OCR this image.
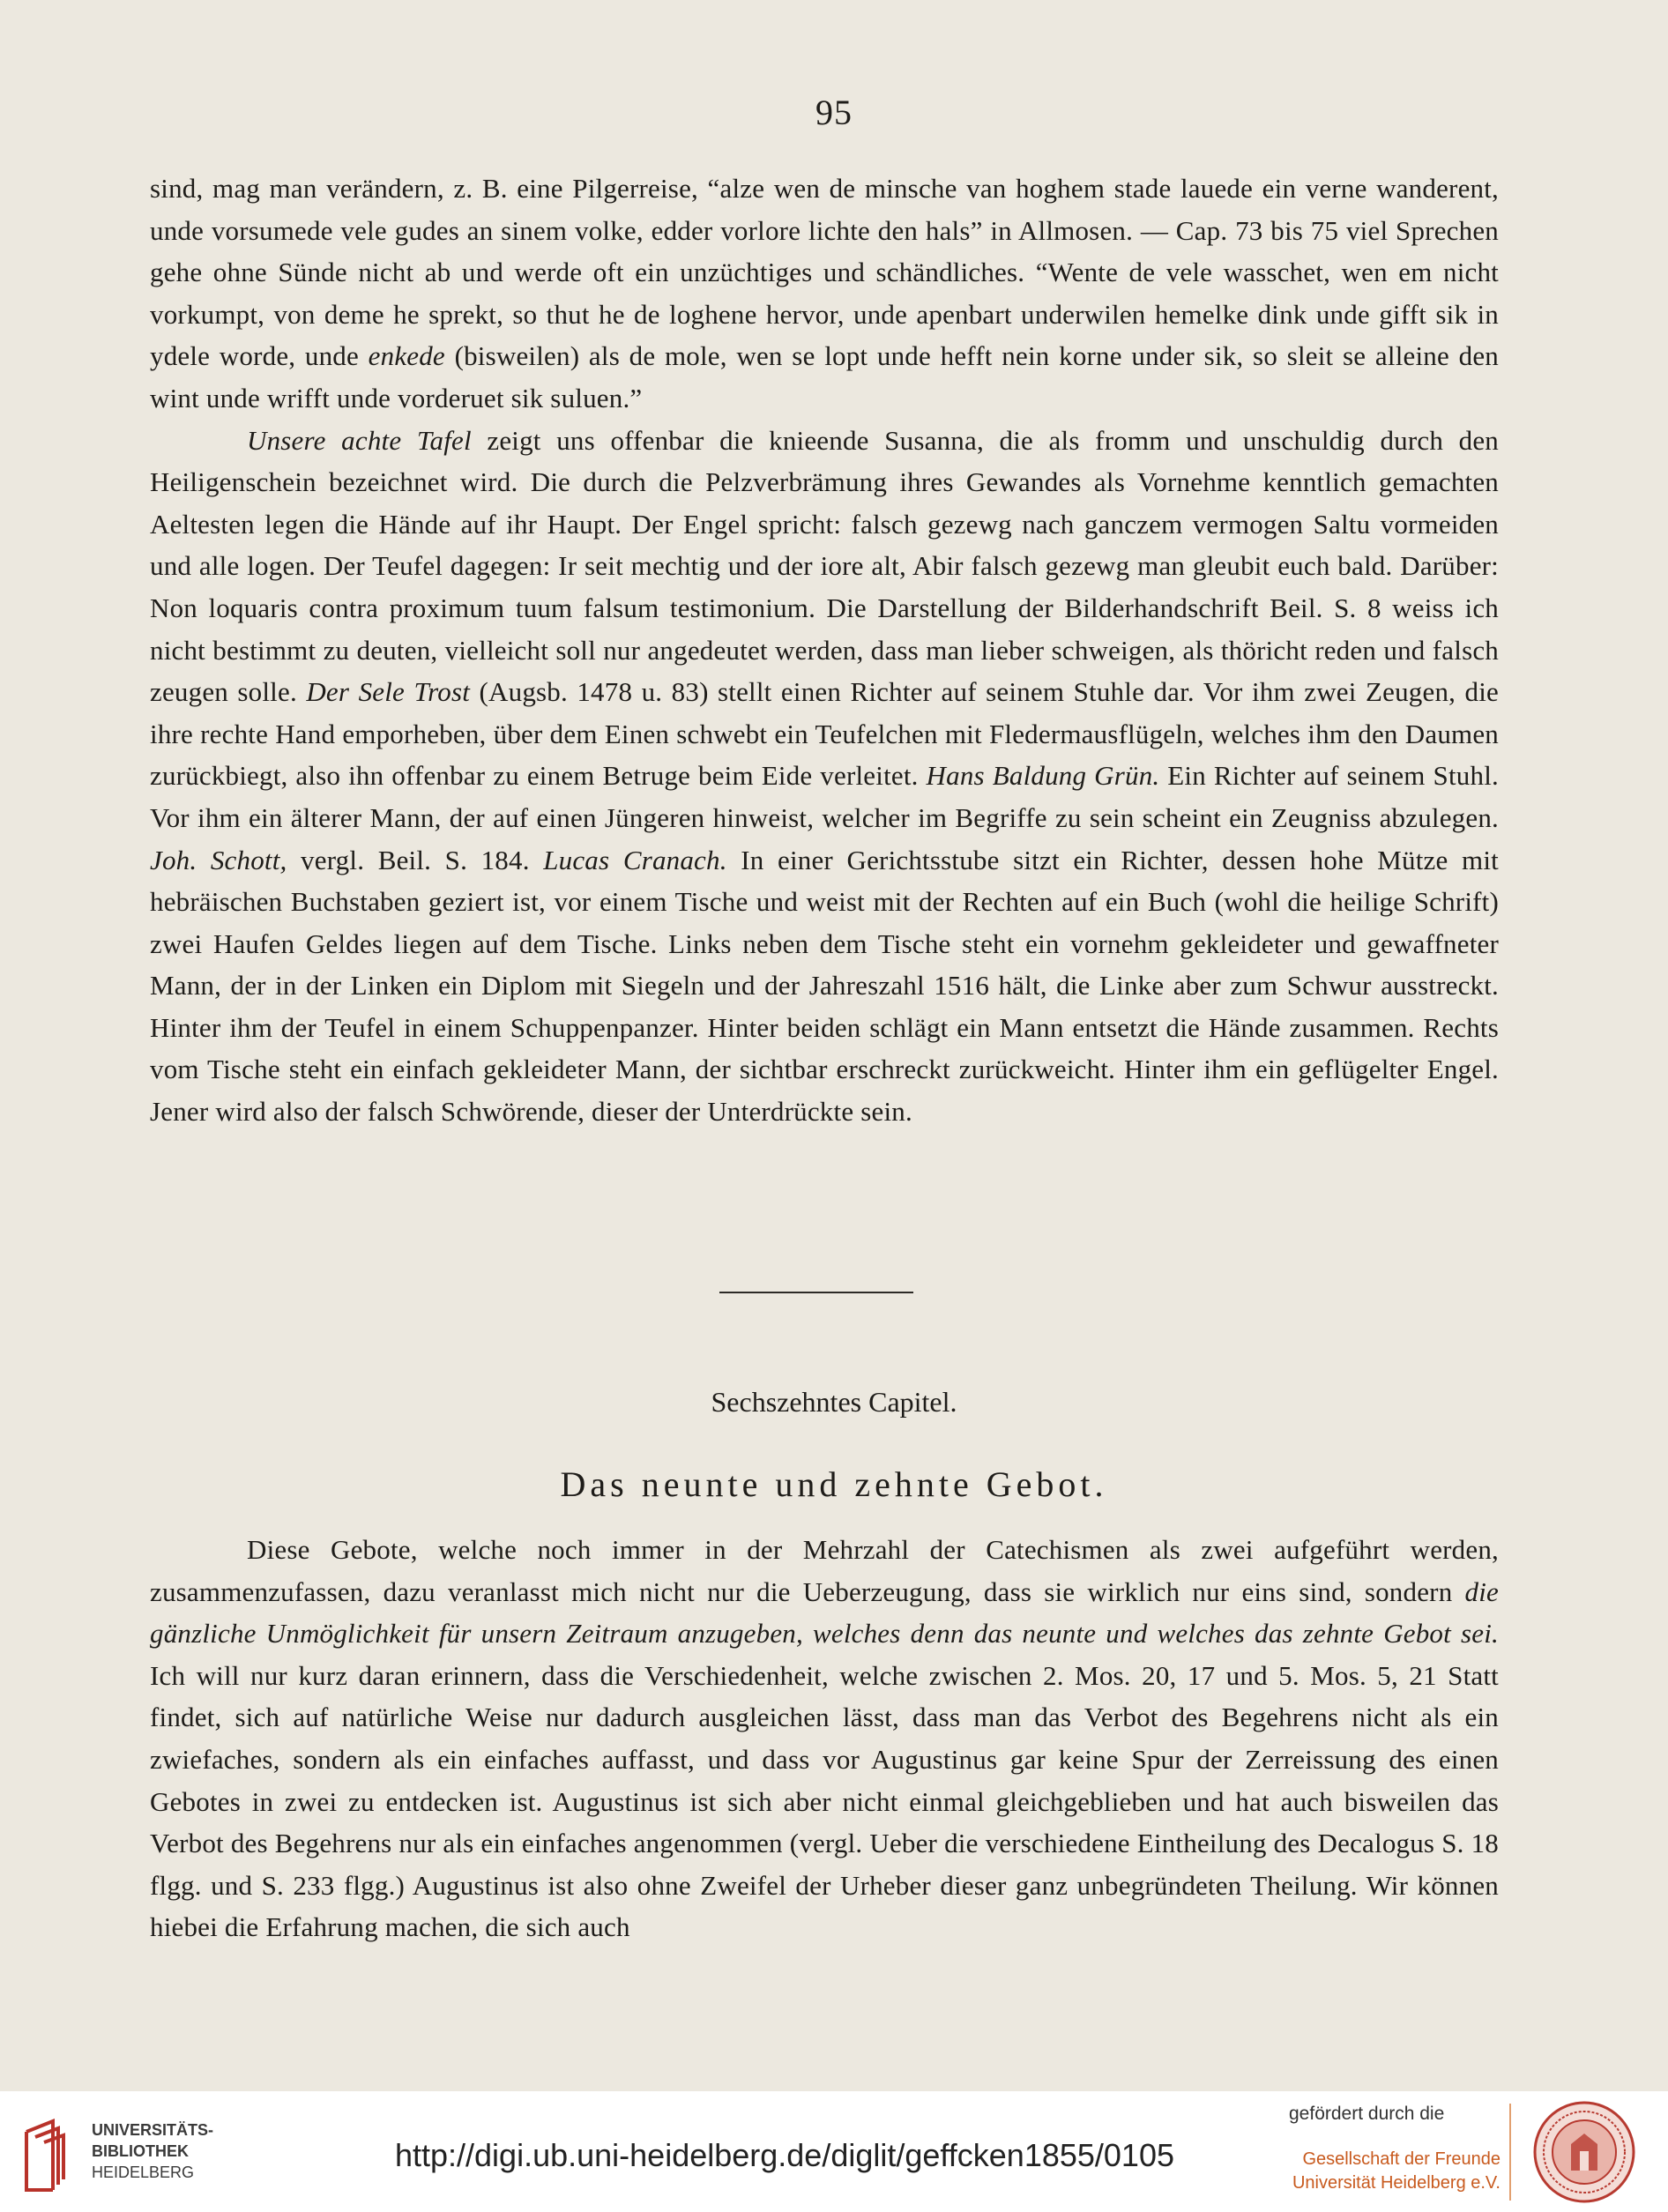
95

sind, mag man verändern, z. B. eine Pilgerreise, “alze wen de minsche van hoghem stade lauede ein verne wanderent, unde vorsumede vele gudes an sinem volke, edder vorlore lichte den hals” in Allmosen. — Cap. 73 bis 75 viel Sprechen gehe ohne Sünde nicht ab und werde oft ein unzüchtiges und schändliches. “Wente de vele wasschet, wen em nicht vorkumpt, von deme he sprekt, so thut he de loghene hervor, unde apenbart underwilen hemelke dink unde gifft sik in ydele worde, unde enkede (bisweilen) als de mole, wen se lopt unde hefft nein korne under sik, so sleit se alleine den wint unde wrifft unde vorderuet sik suluen.”

Unsere achte Tafel zeigt uns offenbar die knieende Susanna, die als fromm und unschuldig durch den Heiligenschein bezeichnet wird. Die durch die Pelzverbrämung ihres Gewandes als Vornehme kenntlich gemachten Aeltesten legen die Hände auf ihr Haupt. Der Engel spricht: falsch gezewg nach ganczem vermogen Saltu vormeiden und alle logen. Der Teufel dagegen: Ir seit mechtig und der iore alt, Abir falsch gezewg man gleubit euch bald. Darüber: Non loquaris contra proximum tuum falsum testimonium. Die Darstellung der Bilderhandschrift Beil. S. 8 weiss ich nicht bestimmt zu deuten, vielleicht soll nur angedeutet werden, dass man lieber schweigen, als thöricht reden und falsch zeugen solle. Der Sele Trost (Augsb. 1478 u. 83) stellt einen Richter auf seinem Stuhle dar. Vor ihm zwei Zeugen, die ihre rechte Hand emporheben, über dem Einen schwebt ein Teufelchen mit Fledermausflügeln, welches ihm den Daumen zurückbiegt, also ihn offenbar zu einem Betruge beim Eide verleitet. Hans Baldung Grün. Ein Richter auf seinem Stuhl. Vor ihm ein älterer Mann, der auf einen Jüngeren hinweist, welcher im Begriffe zu sein scheint ein Zeugniss abzulegen. Joh. Schott, vergl. Beil. S. 184. Lucas Cranach. In einer Gerichtsstube sitzt ein Richter, dessen hohe Mütze mit hebräischen Buchstaben geziert ist, vor einem Tische und weist mit der Rechten auf ein Buch (wohl die heilige Schrift) zwei Haufen Geldes liegen auf dem Tische. Links neben dem Tische steht ein vornehm gekleideter und gewaffneter Mann, der in der Linken ein Diplom mit Siegeln und der Jahreszahl 1516 hält, die Linke aber zum Schwur ausstreckt. Hinter ihm der Teufel in einem Schuppenpanzer. Hinter beiden schlägt ein Mann entsetzt die Hände zusammen. Rechts vom Tische steht ein einfach gekleideter Mann, der sichtbar erschreckt zurückweicht. Hinter ihm ein geflügelter Engel. Jener wird also der falsch Schwörende, dieser der Unterdrückte sein.

Sechszehntes Capitel.
Das neunte und zehnte Gebot.

Diese Gebote, welche noch immer in der Mehrzahl der Catechismen als zwei aufgeführt werden, zusammenzufassen, dazu veranlasst mich nicht nur die Ueberzeugung, dass sie wirklich nur eins sind, sondern die gänzliche Unmöglichkeit für unsern Zeitraum anzugeben, welches denn das neunte und welches das zehnte Gebot sei. Ich will nur kurz daran erinnern, dass die Verschiedenheit, welche zwischen 2. Mos. 20, 17 und 5. Mos. 5, 21 Statt findet, sich auf natürliche Weise nur dadurch ausgleichen lässt, dass man das Verbot des Begehrens nicht als ein zwiefaches, sondern als ein einfaches auffasst, und dass vor Augustinus gar keine Spur der Zerreissung des einen Gebotes in zwei zu entdecken ist. Augustinus ist sich aber nicht einmal gleichgeblieben und hat auch bisweilen das Verbot des Begehrens nur als ein einfaches angenommen (vergl. Ueber die verschiedene Eintheilung des Decalogus S. 18 flgg. und S. 233 flgg.) Augustinus ist also ohne Zweifel der Urheber dieser ganz unbegründeten Theilung. Wir können hiebei die Erfahrung machen, die sich auch

UNIVERSITÄTS-
BIBLIOTHEK
HEIDELBERG	http://digi.ub.uni-heidelberg.de/diglit/geffcken1855/0105
gefördert durch die
Gesellschaft der Freunde
Universität Heidelberg e.V.
